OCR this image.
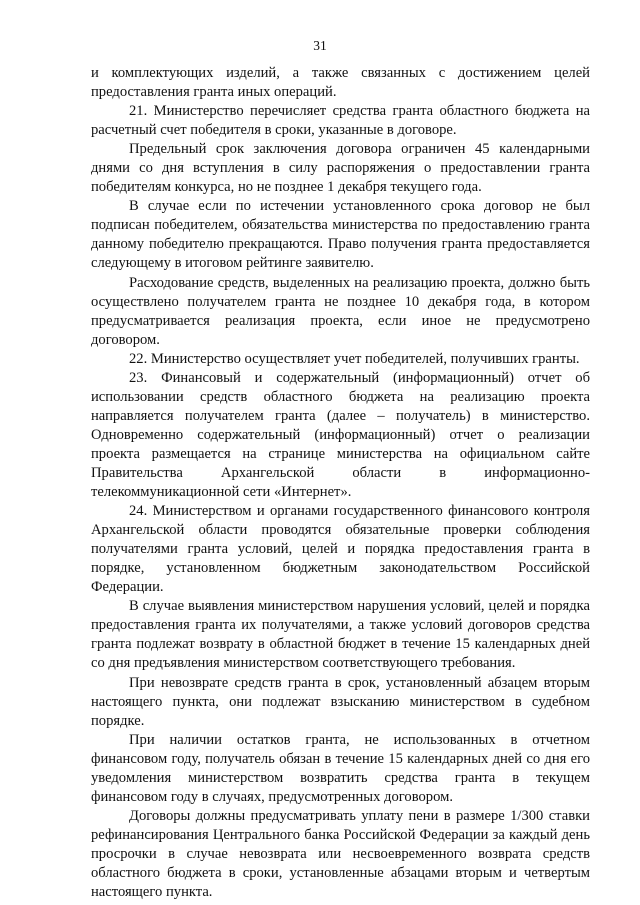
31

и комплектующих изделий, а также связанных с достижением целей предоставления гранта иных операций.

21. Министерство перечисляет средства гранта областного бюджета на расчетный счет победителя в сроки, указанные в договоре.

Предельный срок заключения договора ограничен 45 календарными днями со дня вступления в силу распоряжения о предоставлении гранта победителям конкурса, но не позднее 1 декабря текущего года.

В случае если по истечении установленного срока договор не был подписан победителем, обязательства министерства по предоставлению гранта данному победителю прекращаются. Право получения гранта предоставляется следующему в итоговом рейтинге заявителю.

Расходование средств, выделенных на реализацию проекта, должно быть осуществлено получателем гранта не позднее 10 декабря года, в котором предусматривается реализация проекта, если иное не предусмотрено договором.

22. Министерство осуществляет учет победителей, получивших гранты.

23. Финансовый и содержательный (информационный) отчет об использовании средств областного бюджета на реализацию проекта направляется получателем гранта (далее – получатель) в министерство. Одновременно содержательный (информационный) отчет о реализации проекта размещается на странице министерства на официальном сайте Правительства Архангельской области в информационно-телекоммуникационной сети «Интернет».

24. Министерством и органами государственного финансового контроля Архангельской области проводятся обязательные проверки соблюдения получателями гранта условий, целей и порядка предоставления гранта в порядке, установленном бюджетным законодательством Российской Федерации.

В случае выявления министерством нарушения условий, целей и порядка предоставления гранта их получателями, а также условий договоров средства гранта подлежат возврату в областной бюджет в течение 15 календарных дней со дня предъявления министерством соответствующего требования.

При невозврате средств гранта в срок, установленный абзацем вторым настоящего пункта, они подлежат взысканию министерством в судебном порядке.

При наличии остатков гранта, не использованных в отчетном финансовом году, получатель обязан в течение 15 календарных дней со дня его уведомления министерством возвратить средства гранта в текущем финансовом году в случаях, предусмотренных договором.

Договоры должны предусматривать уплату пени в размере 1/300 ставки рефинансирования Центрального банка Российской Федерации за каждый день просрочки в случае невозврата или несвоевременного возврата средств областного бюджета в сроки, установленные абзацами вторым и четвертым настоящего пункта.
